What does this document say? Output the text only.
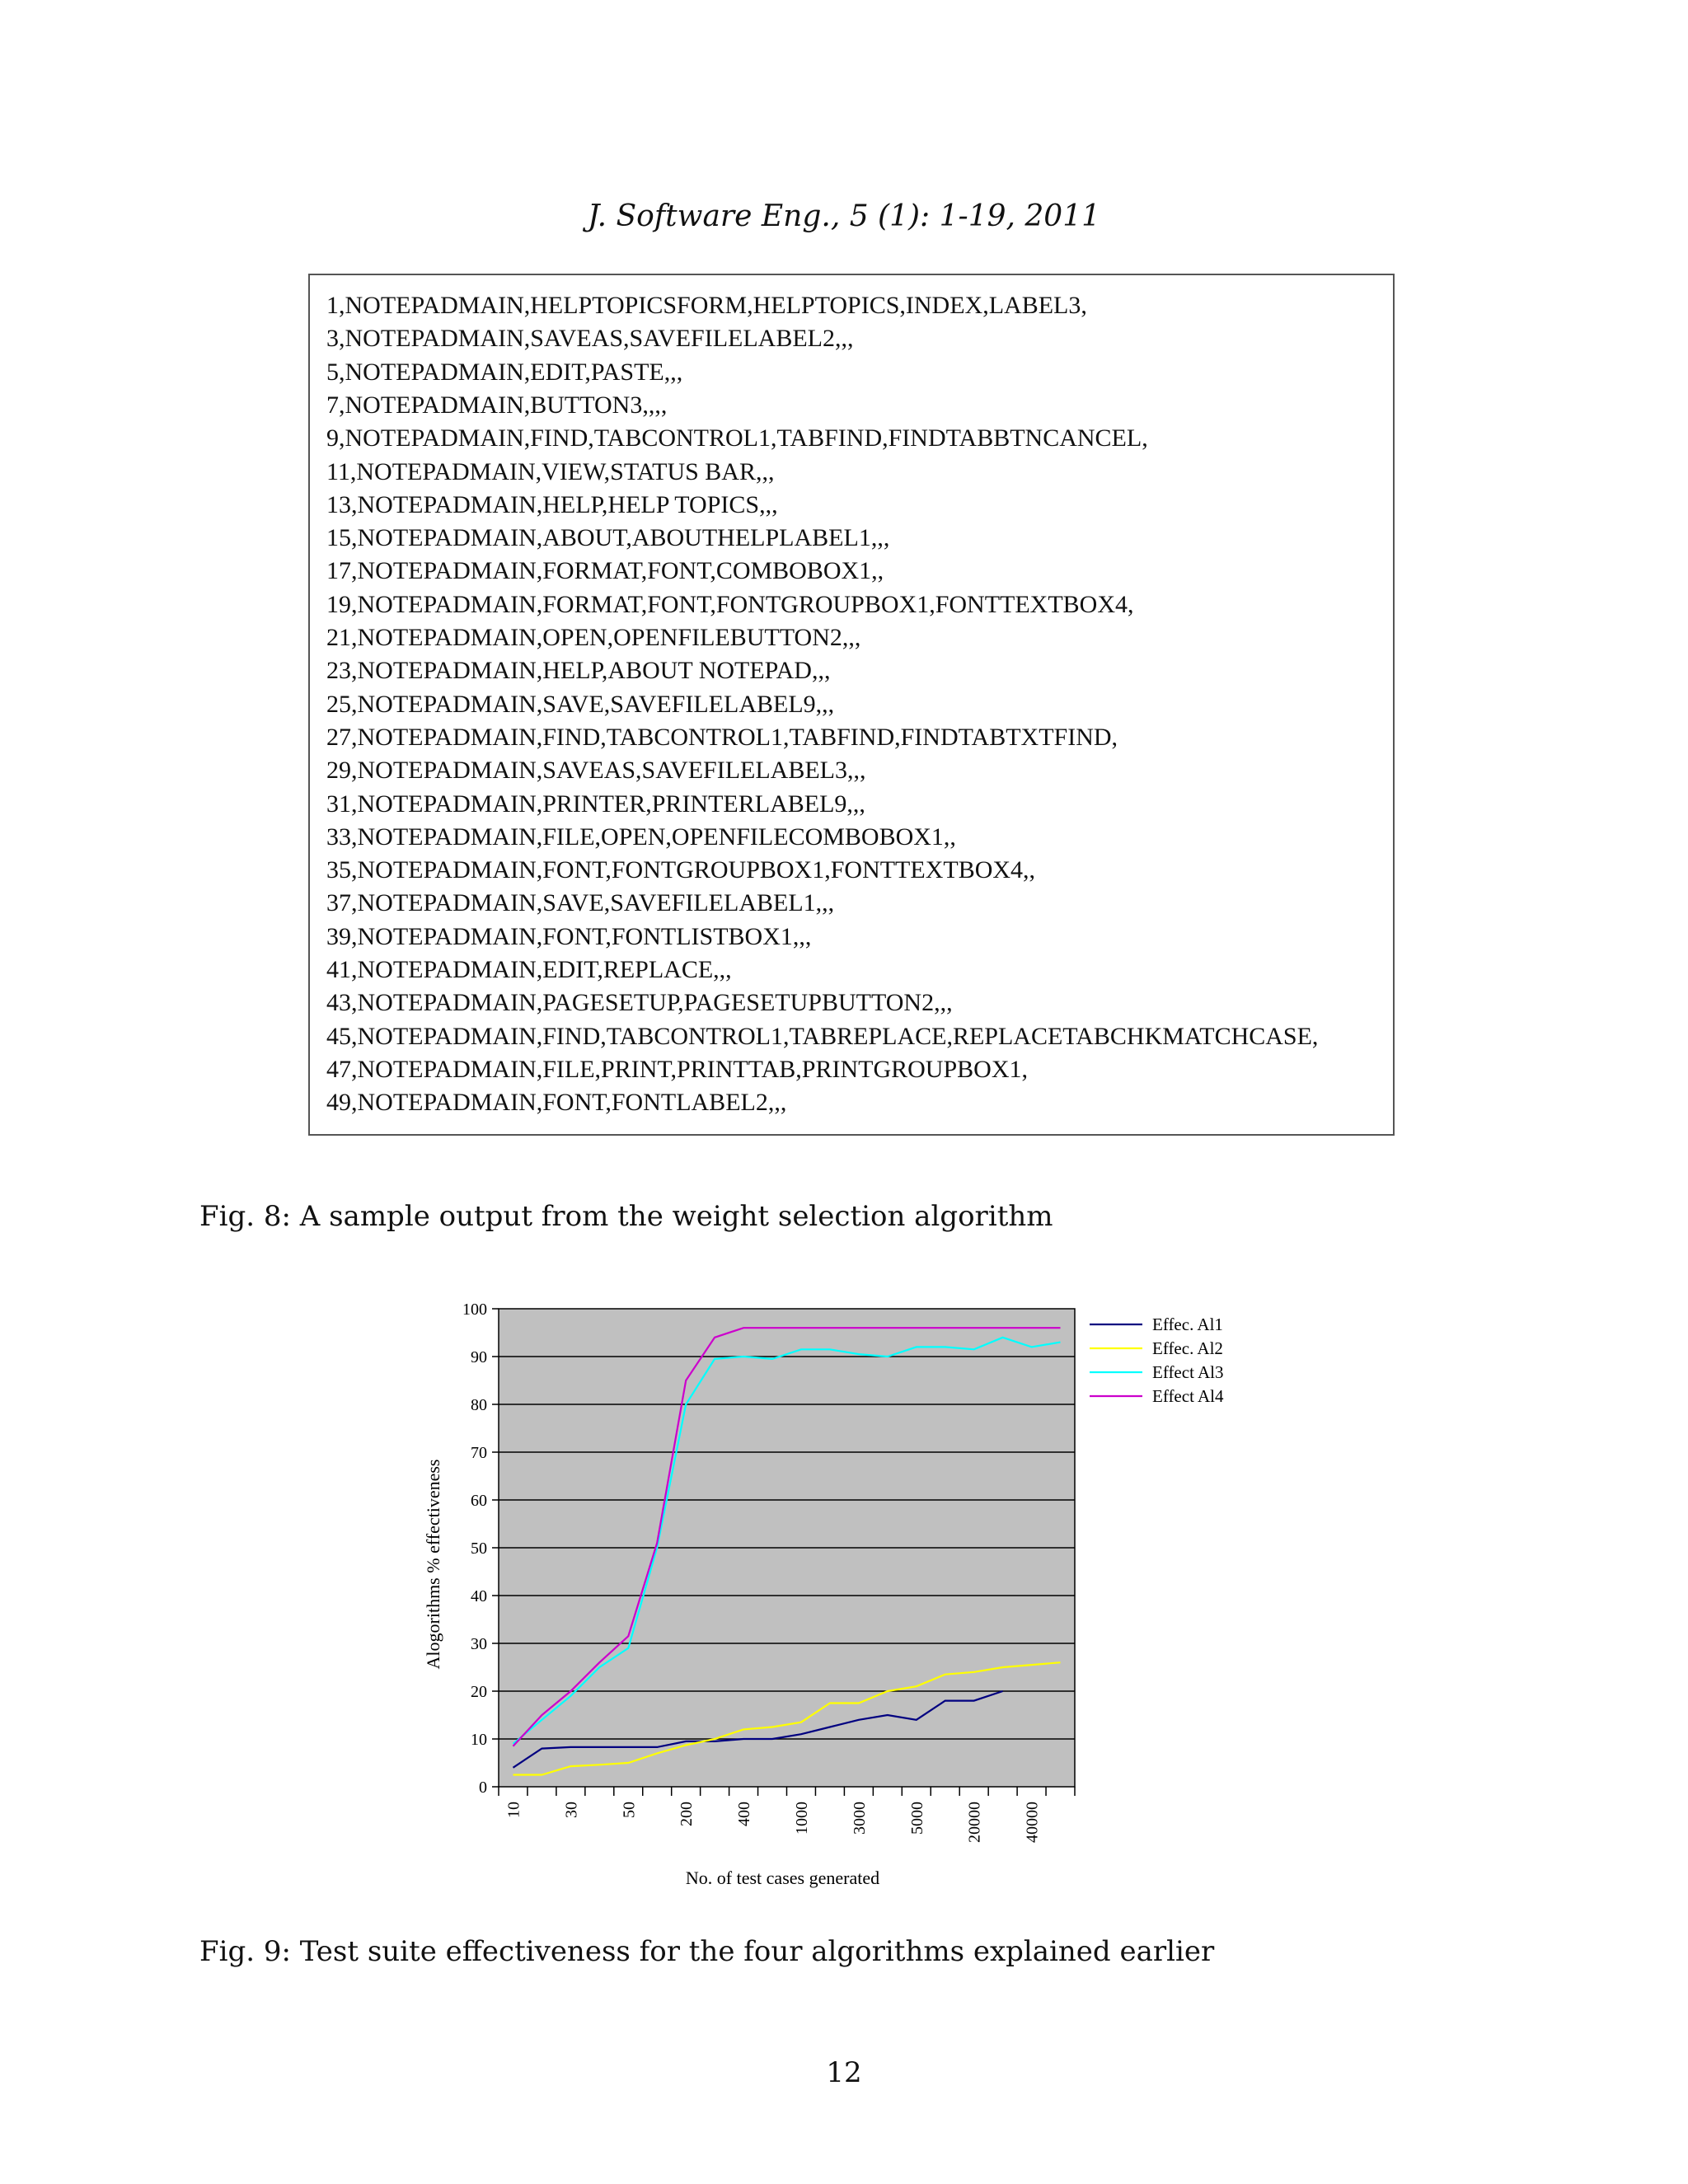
J. Software Eng., 5 (1): 1-19, 2011
1,NOTEPADMAIN,HELPTOPICSFORM,HELPTOPICS,INDEX,LABEL3,
3,NOTEPADMAIN,SAVEAS,SAVEFILELABEL2,,,
5,NOTEPADMAIN,EDIT,PASTE,,,
7,NOTEPADMAIN,BUTTON3,,,,
9,NOTEPADMAIN,FIND,TABCONTROL1,TABFIND,FINDTABBTNCANCEL,
11,NOTEPADMAIN,VIEW,STATUS BAR,,,
13,NOTEPADMAIN,HELP,HELP TOPICS,,,
15,NOTEPADMAIN,ABOUT,ABOUTHELPLABEL1,,,
17,NOTEPADMAIN,FORMAT,FONT,COMBOBOX1,,
19,NOTEPADMAIN,FORMAT,FONT,FONTGROUPBOX1,FONTTEXTBOX4,
21,NOTEPADMAIN,OPEN,OPENFILEBUTTON2,,,
23,NOTEPADMAIN,HELP,ABOUT NOTEPAD,,,
25,NOTEPADMAIN,SAVE,SAVEFILELABEL9,,,
27,NOTEPADMAIN,FIND,TABCONTROL1,TABFIND,FINDTABTXTFIND,
29,NOTEPADMAIN,SAVEAS,SAVEFILELABEL3,,,
31,NOTEPADMAIN,PRINTER,PRINTERLABEL9,,,
33,NOTEPADMAIN,FILE,OPEN,OPENFILECOMBOBOX1,,
35,NOTEPADMAIN,FONT,FONTGROUPBOX1,FONTTEXTBOX4,,
37,NOTEPADMAIN,SAVE,SAVEFILELABEL1,,,
39,NOTEPADMAIN,FONT,FONTLISTBOX1,,,
41,NOTEPADMAIN,EDIT,REPLACE,,,
43,NOTEPADMAIN,PAGESETUP,PAGESETUPBUTTON2,,,
45,NOTEPADMAIN,FIND,TABCONTROL1,TABREPLACE,REPLACETABCHKMATCHCASE,
47,NOTEPADMAIN,FILE,PRINT,PRINTTAB,PRINTGROUPBOX1,
49,NOTEPADMAIN,FONT,FONTLABEL2,,,
Fig. 8: A sample output from the weight selection algorithm
0
10
20
30
40
50
60
70
80
90
100
10 30 50 200 400 1000 3000 5000 20000 40000
No. of test cases generated
Alogorithms % effectiveness
Effec. Al1
Effec. Al2
Effect Al3
Effect Al4
Fig. 9: Test suite effectiveness for the four algorithms explained earlier
12
